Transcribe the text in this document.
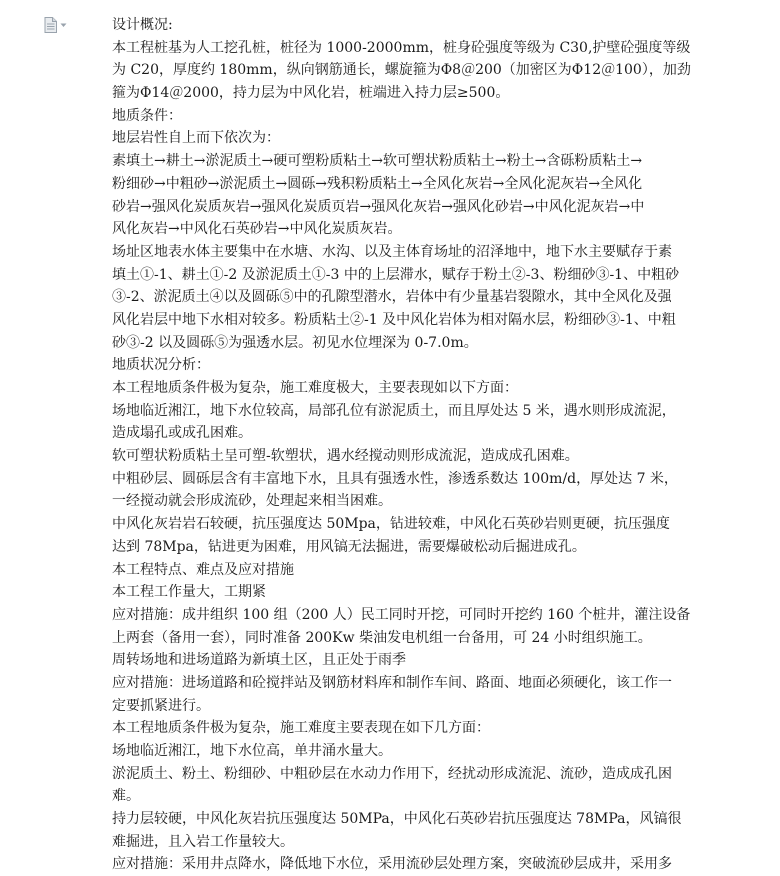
设计概况:
本工程桩基为人工挖孔桩，桩径为 1000-2000mm，桩身砼强度等级为 C30,护壁砼强度等级
为 C20，厚度约 180mm，纵向钢筋通长，螺旋箍为Φ8＠200（加密区为Φ12＠100），加劲
箍为Φ14＠2000，持力层为中风化岩，桩端进入持力层≥500。
地质条件：
地层岩性自上而下依次为：
素填土→耕土→淤泥质土→硬可塑粉质粘土→软可塑状粉质粘土→粉土→含砾粉质粘土→
粉细砂→中粗砂→淤泥质土→圆砾→残积粉质粘土→全风化灰岩→全风化泥灰岩→全风化
砂岩→强风化炭质灰岩→强风化炭质页岩→强风化灰岩→强风化砂岩→中风化泥灰岩→中
风化灰岩→中风化石英砂岩→中风化炭质灰岩。
场址区地表水体主要集中在水塘、水沟、以及主体育场址的沼泽地中，地下水主要赋存于素
填土①-1、耕土①-2 及淤泥质土①-3 中的上层滞水，赋存于粉土②-3、粉细砂③-1、中粗砂
③-2、淤泥质土④以及圆砾⑤中的孔隙型潜水，岩体中有少量基岩裂隙水，其中全风化及强
风化岩层中地下水相对较多。粉质粘土②-1 及中风化岩体为相对隔水层，粉细砂③-1、中粗
砂③-2 以及圆砾⑤为强透水层。初见水位埋深为 0-7.0m。
地质状况分析：
本工程地质条件极为复杂，施工难度极大，主要表现如以下方面：
场地临近湘江，地下水位较高，局部孔位有淤泥质土，而且厚处达 5 米，遇水则形成流泥，
造成塌孔或成孔困难。
软可塑状粉质粘土呈可塑-软塑状，遇水经搅动则形成流泥，造成成孔困难。
中粗砂层、圆砾层含有丰富地下水，且具有强透水性，渗透系数达 100m/d，厚处达 7 米，
一经搅动就会形成流砂，处理起来相当困难。
中风化灰岩岩石较硬，抗压强度达 50Mpa，钻进较难，中风化石英砂岩则更硬，抗压强度
达到 78Mpa，钻进更为困难，用风镐无法掘进，需要爆破松动后掘进成孔。
本工程特点、难点及应对措施
本工程工作量大，工期紧
应对措施：成井组织 100 组（200 人）民工同时开挖，可同时开挖约 160 个桩井，灌注设备
上两套（备用一套），同时准备 200Kw 柴油发电机组一台备用，可 24 小时组织施工。
周转场地和进场道路为新填土区，且正处于雨季
应对措施：进场道路和砼搅拌站及钢筋材料库和制作车间、路面、地面必须硬化，该工作一
定要抓紧进行。
本工程地质条件极为复杂，施工难度主要表现在如下几方面：
场地临近湘江，地下水位高，单井涌水量大。
淤泥质土、粉土、粉细砂、中粗砂层在水动力作用下，经扰动形成流泥、流砂，造成成孔困
难。
持力层较硬，中风化灰岩抗压强度达 50MPa，中风化石英砂岩抗压强度达 78MPa，风镐很
难掘进，且入岩工作量较大。
应对措施：采用井点降水，降低地下水位，采用流砂层处理方案，突破流砂层成井，采用多
